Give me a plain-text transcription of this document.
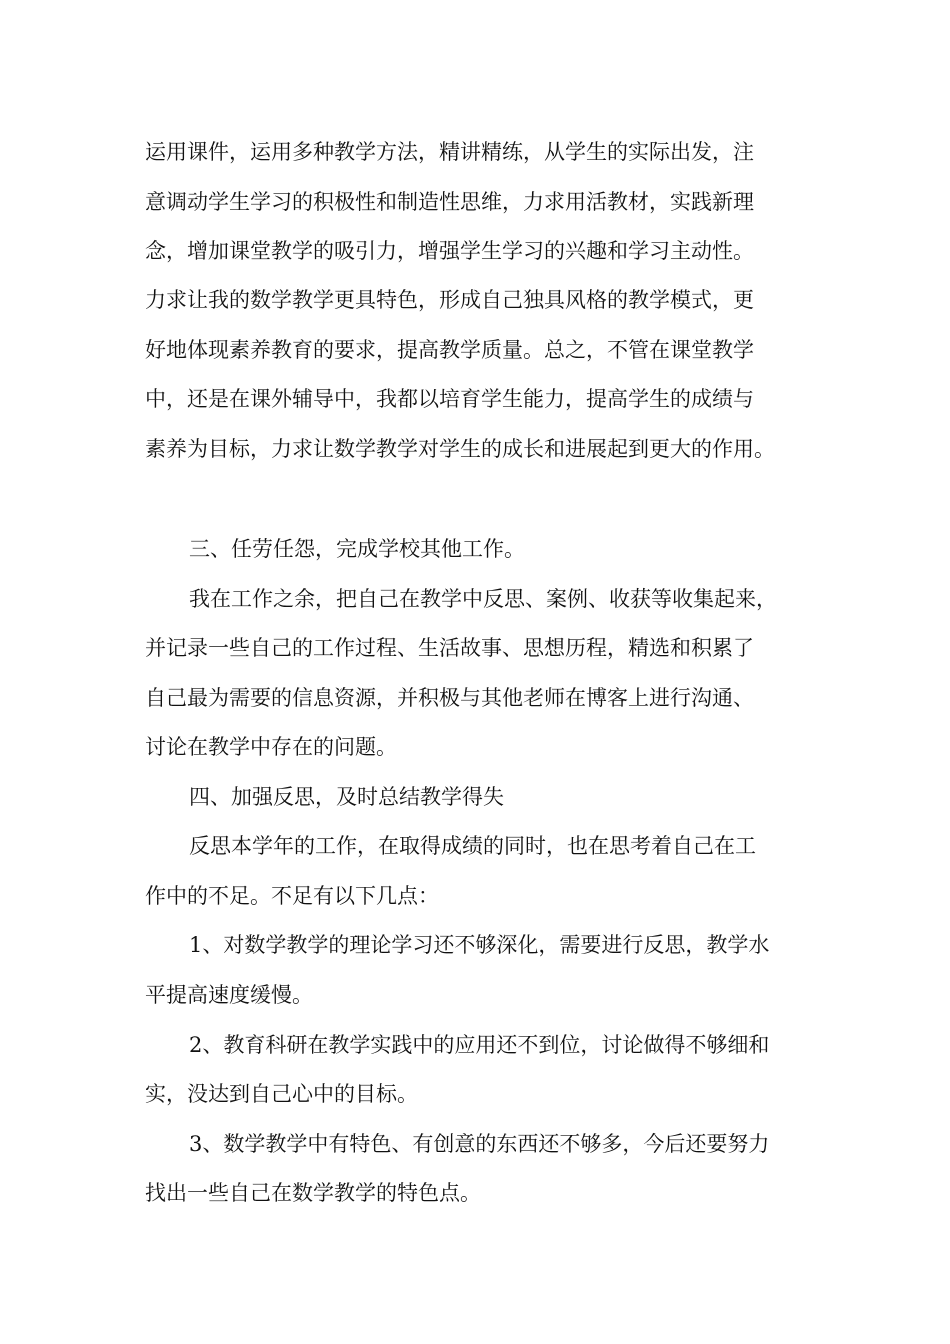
运用课件，运用多种教学方法，精讲精练，从学生的实际出发，注
意调动学生学习的积极性和制造性思维，力求用活教材，实践新理
念，增加课堂教学的吸引力，增强学生学习的兴趣和学习主动性。
力求让我的数学教学更具特色，形成自己独具风格的教学模式，更
好地体现素养教育的要求，提高教学质量。总之，不管在课堂教学
中，还是在课外辅导中，我都以培育学生能力，提高学生的成绩与
素养为目标，力求让数学教学对学生的成长和进展起到更大的作用。
三、任劳任怨，完成学校其他工作。
我在工作之余，把自己在教学中反思、案例、收获等收集起来，
并记录一些自己的工作过程、生活故事、思想历程，精选和积累了
自己最为需要的信息资源，并积极与其他老师在博客上进行沟通、
讨论在教学中存在的问题。
四、加强反思，及时总结教学得失
反思本学年的工作，在取得成绩的同时，也在思考着自己在工
作中的不足。不足有以下几点：
1、对数学教学的理论学习还不够深化，需要进行反思，教学水
平提高速度缓慢。
2、教育科研在教学实践中的应用还不到位，讨论做得不够细和
实，没达到自己心中的目标。
3、数学教学中有特色、有创意的东西还不够多，今后还要努力
找出一些自己在数学教学的特色点。
